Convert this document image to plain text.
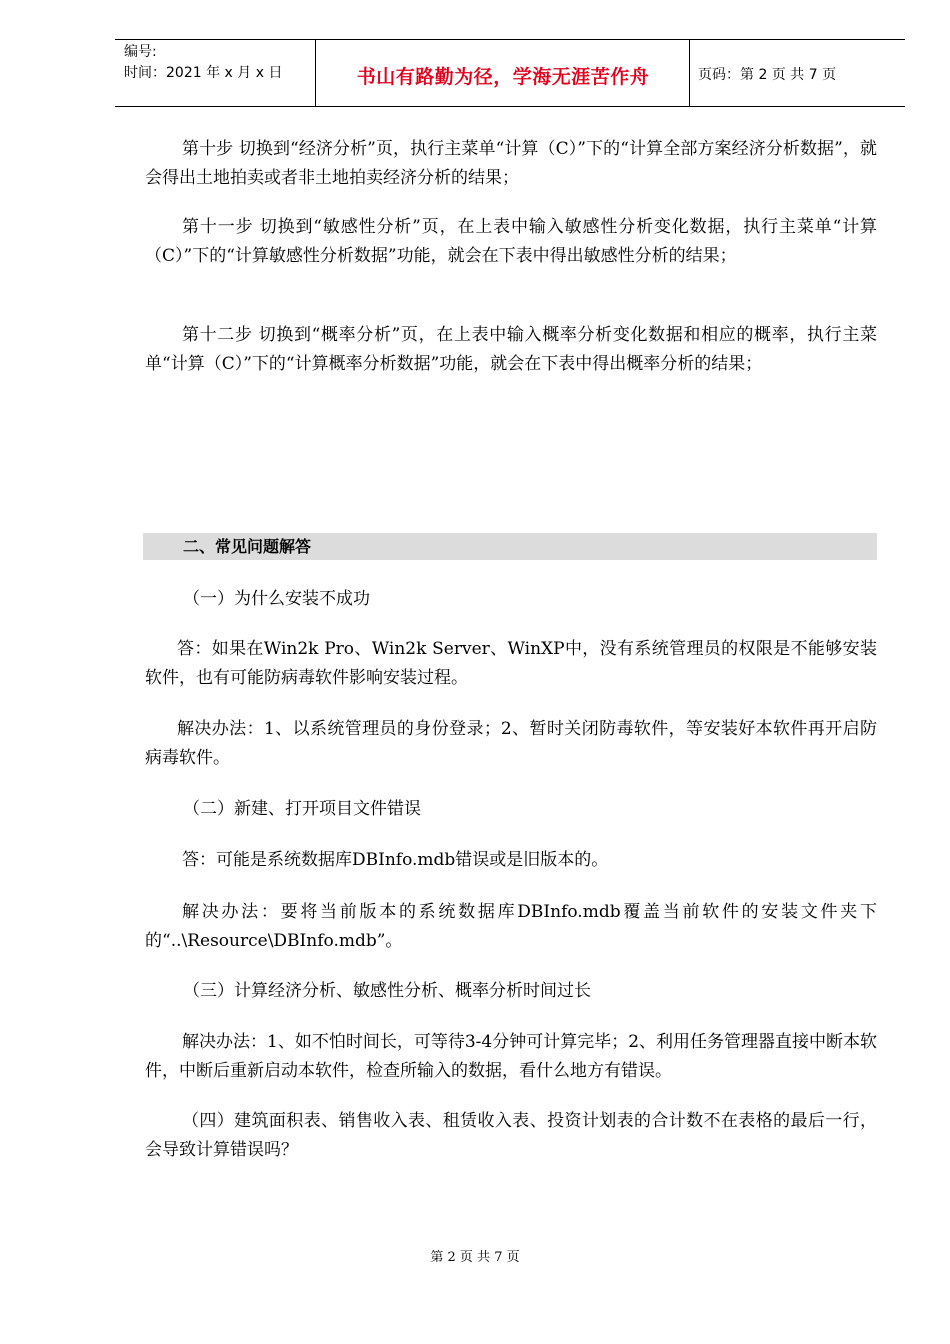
编号:
时间：2021 年 x 月 x 日	书山有路勤为径，学海无涯苦作舟	页码：第 2 页 共 7 页

第十步 切换到“经济分析”页，执行主菜单“计算（C）”下的“计算全部方案经济分析数据”，就会得出土地拍卖或者非土地拍卖经济分析的结果；

第十一步 切换到“敏感性分析”页，在上表中输入敏感性分析变化数据，执行主菜单“计算（C）”下的“计算敏感性分析数据”功能，就会在下表中得出敏感性分析的结果；

第十二步 切换到“概率分析”页，在上表中输入概率分析变化数据和相应的概率，执行主菜单“计算（C）”下的“计算概率分析数据”功能，就会在下表中得出概率分析的结果；

二、常见问题解答

（一）为什么安装不成功

答：如果在Win2k Pro、Win2k Server、WinXP中，没有系统管理员的权限是不能够安装软件，也有可能防病毒软件影响安装过程。

解决办法：1、以系统管理员的身份登录；2、暂时关闭防毒软件，等安装好本软件再开启防病毒软件。

（二）新建、打开项目文件错误

答：可能是系统数据库DBInfo.mdb错误或是旧版本的。

解决办法：要将当前版本的系统数据库DBInfo.mdb覆盖当前软件的安装文件夹下的“..\Resource\DBInfo.mdb”。

（三）计算经济分析、敏感性分析、概率分析时间过长

解决办法：1、如不怕时间长，可等待3-4分钟可计算完毕；2、利用任务管理器直接中断本软件，中断后重新启动本软件，检查所输入的数据，看什么地方有错误。

（四）建筑面积表、销售收入表、租赁收入表、投资计划表的合计数不在表格的最后一行，会导致计算错误吗？

第 2 页 共 7 页
